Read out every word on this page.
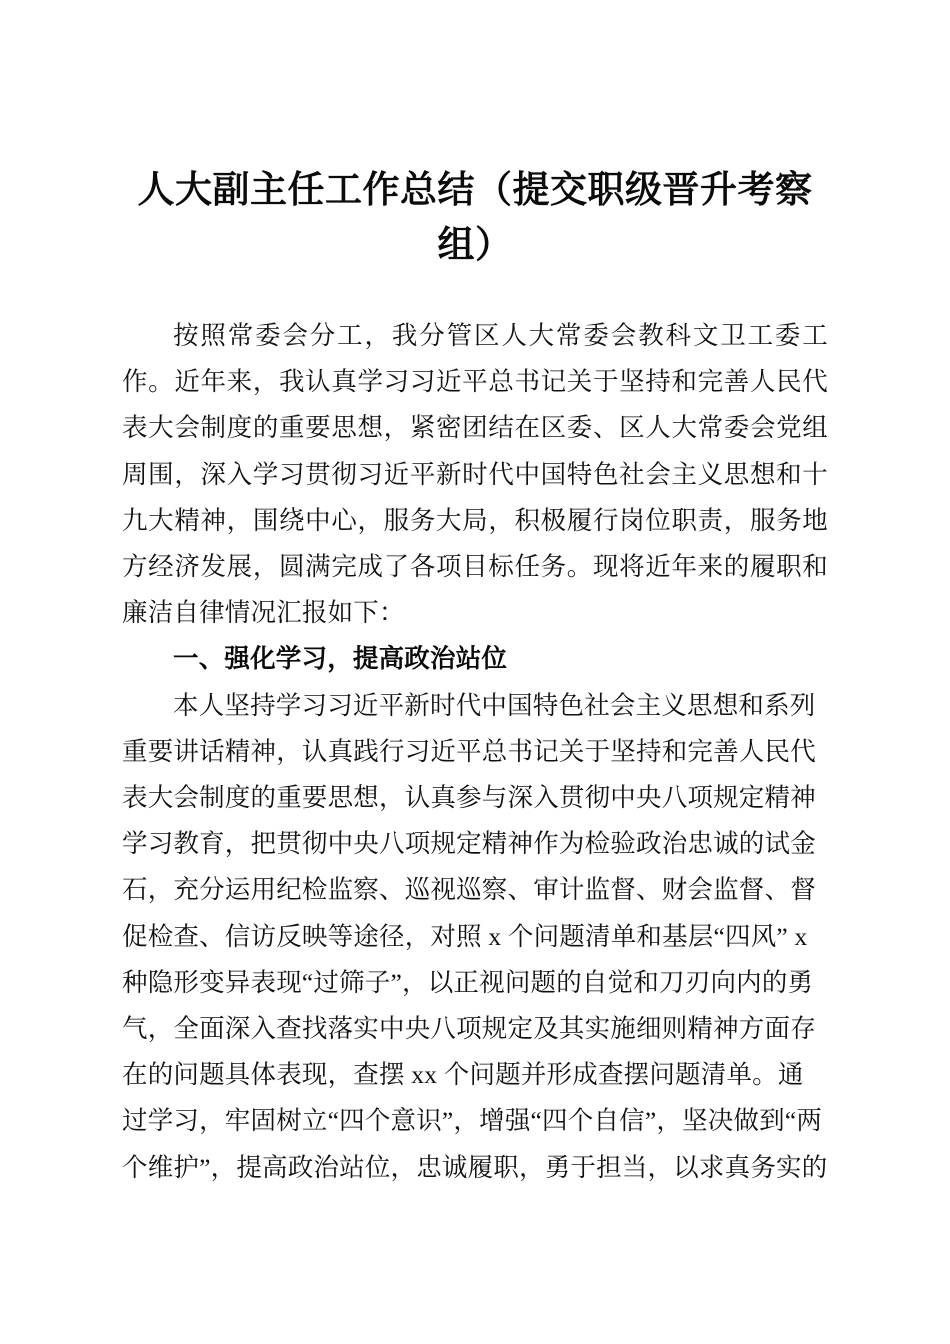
人大副主任工作总结（提交职级晋升考察组）

按照常委会分工，我分管区人大常委会教科文卫工委工作。近年来，我认真学习习近平总书记关于坚持和完善人民代表大会制度的重要思想，紧密团结在区委、区人大常委会党组周围，深入学习贯彻习近平新时代中国特色社会主义思想和十九大精神，围绕中心，服务大局，积极履行岗位职责，服务地方经济发展，圆满完成了各项目标任务。现将近年来的履职和廉洁自律情况汇报如下：

一、强化学习，提高政治站位

本人坚持学习习近平新时代中国特色社会主义思想和系列重要讲话精神，认真践行习近平总书记关于坚持和完善人民代表大会制度的重要思想，认真参与深入贯彻中央八项规定精神学习教育，把贯彻中央八项规定精神作为检验政治忠诚的试金石，充分运用纪检监察、巡视巡察、审计监督、财会监督、督促检查、信访反映等途径，对照 x 个问题清单和基层“四风” x 种隐形变异表现“过筛子”，以正视问题的自觉和刀刃向内的勇气，全面深入查找落实中央八项规定及其实施细则精神方面存在的问题具体表现，查摆 xx 个问题并形成查摆问题清单。通过学习，牢固树立“四个意识”，增强“四个自信”，坚决做到“两个维护”，提高政治站位，忠诚履职，勇于担当，以求真务实的
